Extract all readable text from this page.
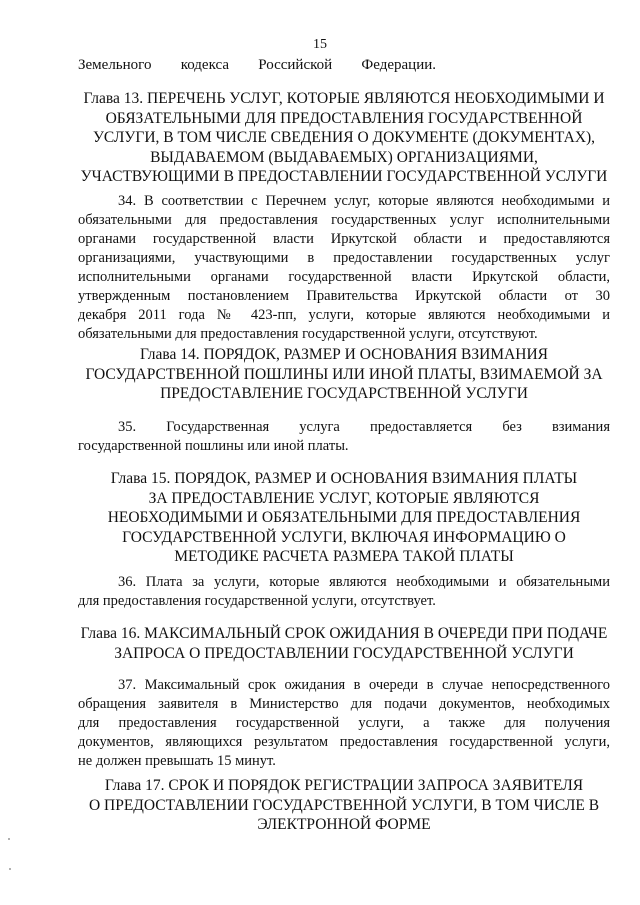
15
Земельного кодекса Российской Федерации.
Глава 13. ПЕРЕЧЕНЬ УСЛУГ, КОТОРЫЕ ЯВЛЯЮТСЯ НЕОБХОДИМЫМИ И
ОБЯЗАТЕЛЬНЫМИ ДЛЯ ПРЕДОСТАВЛЕНИЯ ГОСУДАРСТВЕННОЙ
УСЛУГИ, В ТОМ ЧИСЛЕ СВЕДЕНИЯ О ДОКУМЕНТЕ (ДОКУМЕНТАХ),
ВЫДАВАЕМОМ (ВЫДАВАЕМЫХ) ОРГАНИЗАЦИЯМИ,
УЧАСТВУЮЩИМИ В ПРЕДОСТАВЛЕНИИ ГОСУДАРСТВЕННОЙ УСЛУГИ
34. В соответствии с Перечнем услуг, которые являются необходимыми и
обязательными для предоставления государственных услуг исполнительными
органами государственной власти Иркутской области и предоставляются
организациями, участвующими в предоставлении государственных услуг
исполнительными органами государственной власти Иркутской области,
утвержденным постановлением Правительства Иркутской области от 30
декабря 2011 года № 423-пп, услуги, которые являются необходимыми и
обязательными для предоставления государственной услуги, отсутствуют.
Глава 14. ПОРЯДОК, РАЗМЕР И ОСНОВАНИЯ ВЗИМАНИЯ
ГОСУДАРСТВЕННОЙ ПОШЛИНЫ ИЛИ ИНОЙ ПЛАТЫ, ВЗИМАЕМОЙ ЗА
ПРЕДОСТАВЛЕНИЕ ГОСУДАРСТВЕННОЙ УСЛУГИ
35. Государственная услуга предоставляется без взимания
государственной пошлины или иной платы.
Глава 15. ПОРЯДОК, РАЗМЕР И ОСНОВАНИЯ ВЗИМАНИЯ ПЛАТЫ
ЗА ПРЕДОСТАВЛЕНИЕ УСЛУГ, КОТОРЫЕ ЯВЛЯЮТСЯ
НЕОБХОДИМЫМИ И ОБЯЗАТЕЛЬНЫМИ ДЛЯ ПРЕДОСТАВЛЕНИЯ
ГОСУДАРСТВЕННОЙ УСЛУГИ, ВКЛЮЧАЯ ИНФОРМАЦИЮ О
МЕТОДИКЕ РАСЧЕТА РАЗМЕРА ТАКОЙ ПЛАТЫ
36. Плата за услуги, которые являются необходимыми и обязательными
для предоставления государственной услуги, отсутствует.
Глава 16. МАКСИМАЛЬНЫЙ СРОК ОЖИДАНИЯ В ОЧЕРЕДИ ПРИ ПОДАЧЕ
ЗАПРОСА О ПРЕДОСТАВЛЕНИИ ГОСУДАРСТВЕННОЙ УСЛУГИ
37. Максимальный срок ожидания в очереди в случае непосредственного
обращения заявителя в Министерство для подачи документов, необходимых
для предоставления государственной услуги, а также для получения
документов, являющихся результатом предоставления государственной услуги,
не должен превышать 15 минут.
Глава 17. СРОК И ПОРЯДОК РЕГИСТРАЦИИ ЗАПРОСА ЗАЯВИТЕЛЯ
О ПРЕДОСТАВЛЕНИИ ГОСУДАРСТВЕННОЙ УСЛУГИ, В ТОМ ЧИСЛЕ В
ЭЛЕКТРОННОЙ ФОРМЕ
